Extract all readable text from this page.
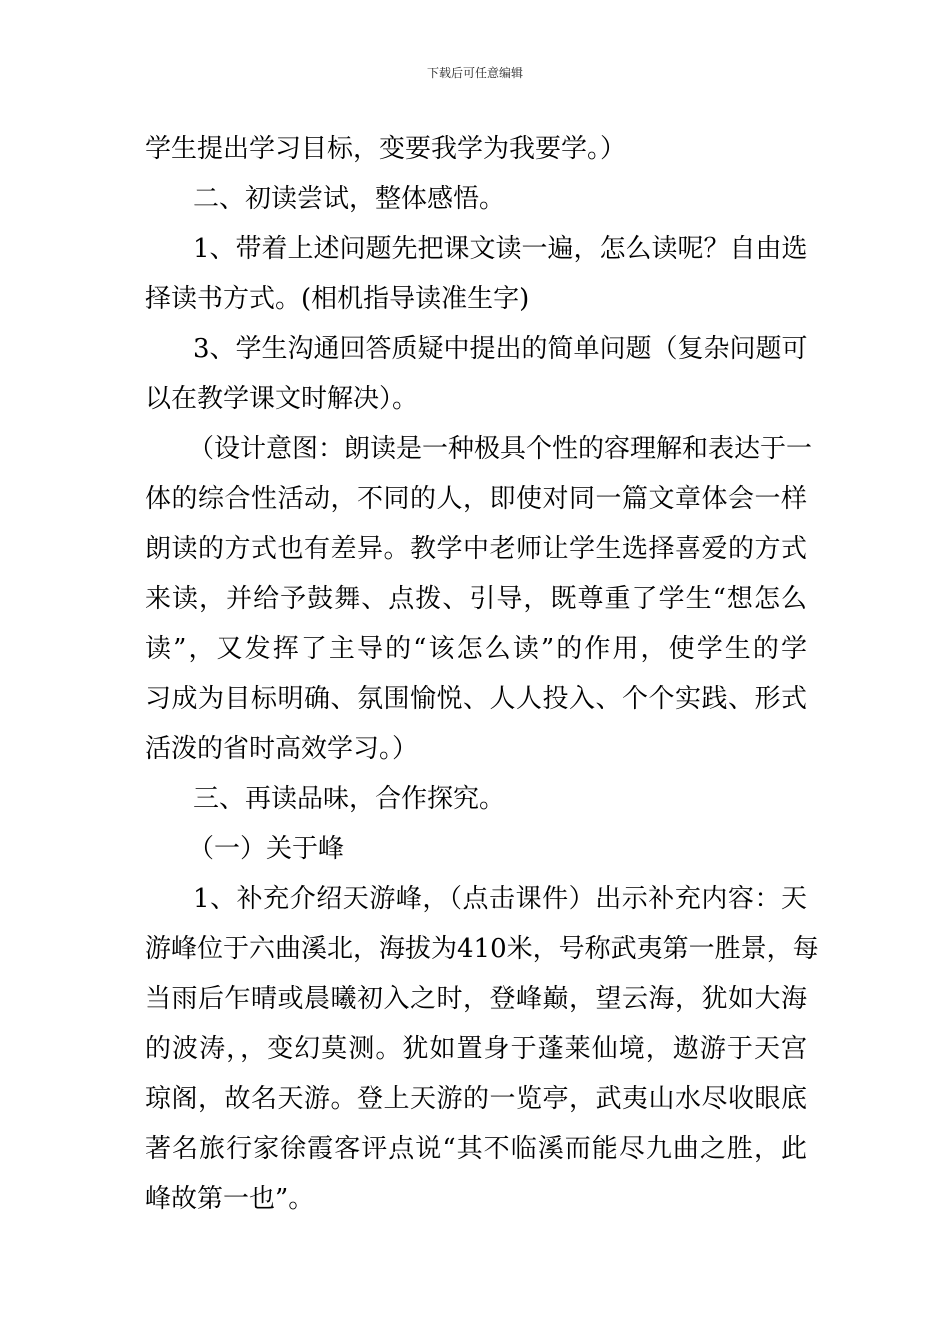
下载后可任意编辑
学生提出学习目标，变要我学为我要学。）
二、初读尝试，整体感悟。
1、带着上述问题先把课文读一遍，怎么读呢？自由选
择读书方式。(相机指导读准生字)
3、学生沟通回答质疑中提出的简单问题（复杂问题可
以在教学课文时解决）。
（设计意图：朗读是一种极具个性的容理解和表达于一
体的综合性活动，不同的人，即使对同一篇文章体会一样
朗读的方式也有差异。教学中老师让学生选择喜爱的方式
来读，并给予鼓舞、点拨、引导，既尊重了学生“想怎么
读”，又发挥了主导的“该怎么读”的作用，使学生的学
习成为目标明确、氛围愉悦、人人投入、个个实践、形式
活泼的省时高效学习。）
三、再读品味，合作探究。
（一）关于峰
1、补充介绍天游峰，（点击课件）出示补充内容：天
游峰位于六曲溪北，海拔为410米，号称武夷第一胜景，每
当雨后乍晴或晨曦初入之时，登峰巅，望云海，犹如大海
的波涛，，变幻莫测。犹如置身于蓬莱仙境，遨游于天宫
琼阁，故名天游。登上天游的一览亭，武夷山水尽收眼底
著名旅行家徐霞客评点说“其不临溪而能尽九曲之胜，此
峰故第一也”。
